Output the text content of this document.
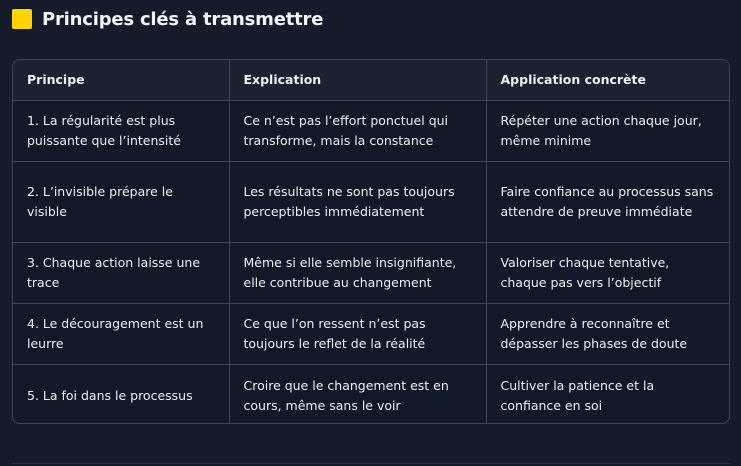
Principes clés à transmettre
Principe	Explication	Application concrète
1. La régularité est plus puissante que l’intensité	Ce n’est pas l’effort ponctuel qui transforme, mais la constance	Répéter une action chaque jour, même minime
2. L’invisible prépare le visible	Les résultats ne sont pas toujours perceptibles immédiatement	Faire confiance au processus sans attendre de preuve immédiate
3. Chaque action laisse une trace	Même si elle semble insignifiante, elle contribue au changement	Valoriser chaque tentative, chaque pas vers l’objectif
4. Le découragement est un leurre	Ce que l’on ressent n’est pas toujours le reflet de la réalité	Apprendre à reconnaître et dépasser les phases de doute
5. La foi dans le processus	Croire que le changement est en cours, même sans le voir	Cultiver la patience et la confiance en soi
